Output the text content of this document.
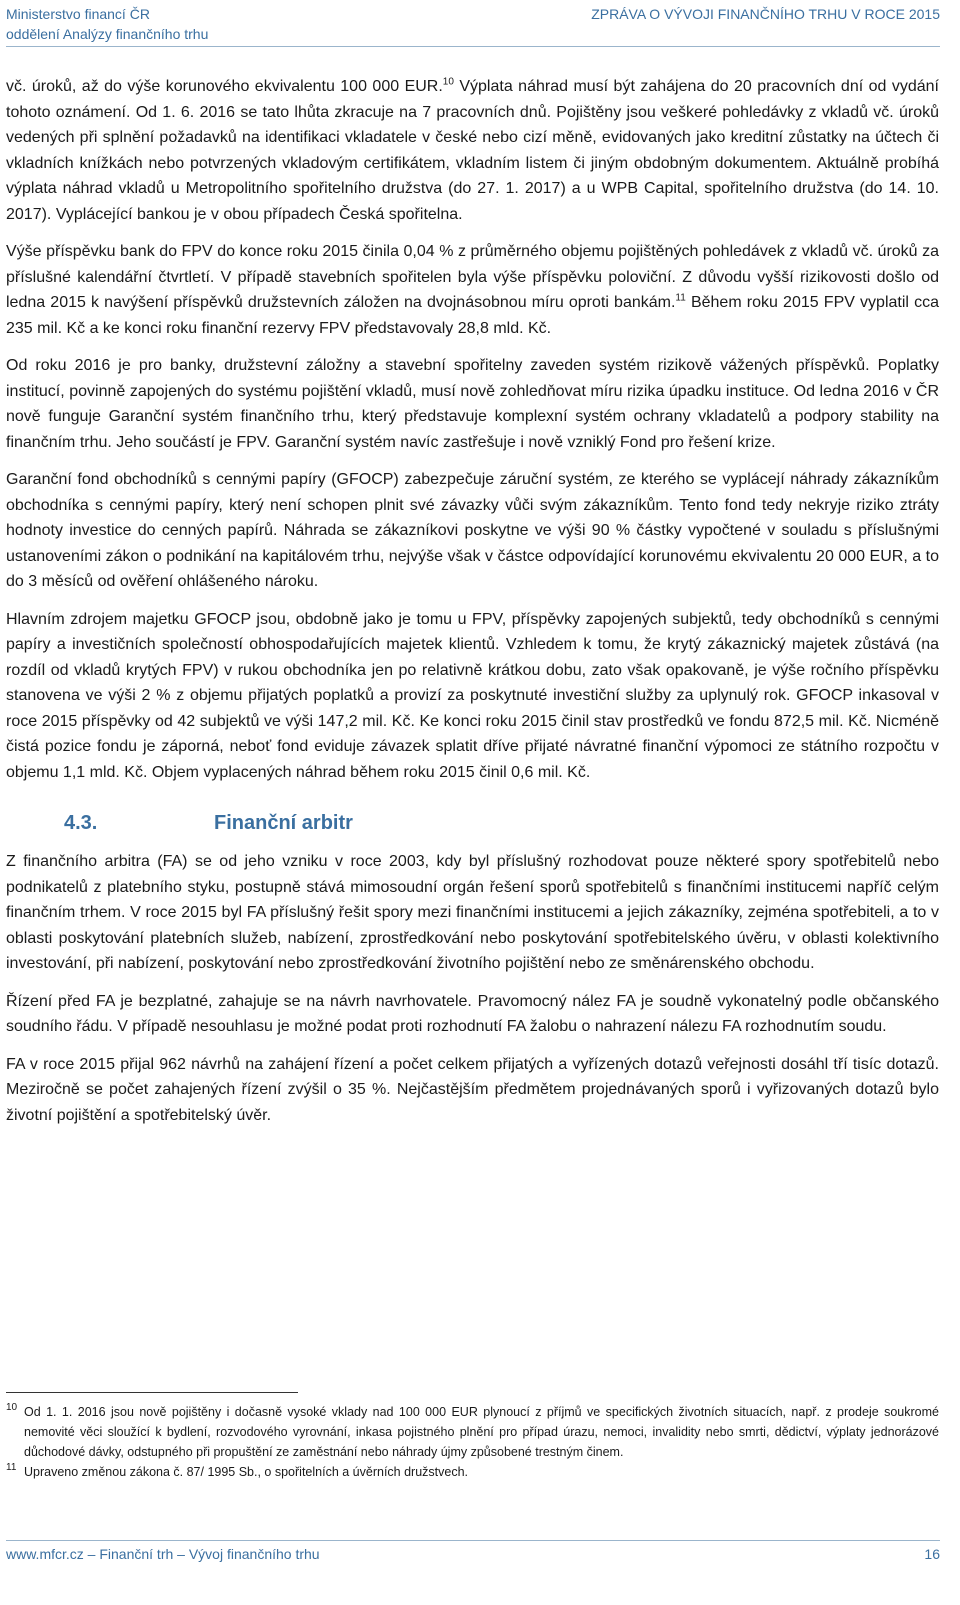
Ministerstvo financí ČR
oddělení Analýzy finančního trhu
ZPRÁVA O VÝVOJI FINANČNÍHO TRHU V ROCE 2015

vč. úroků, až do výše korunového ekvivalentu 100 000 EUR.$^{10}$ Výplata náhrad musí být zahájena do 20 pracovních dní od vydání tohoto oznámení. Od 1. 6. 2016 se tato lhůta zkracuje na 7 pracovních dnů. Pojištěny jsou veškeré pohledávky z vkladů vč. úroků vedených při splnění požadavků na identifikaci vkladatele v české nebo cizí měně, evidovaných jako kreditní zůstatky na účtech či vkladních knížkách nebo potvrzených vkladovým certifikátem, vkladním listem či jiným obdobným dokumentem. Aktuálně probíhá výplata náhrad vkladů u Metropolitního spořitelního družstva (do 27. 1. 2017) a u WPB Capital, spořitelního družstva (do 14. 10. 2017). Vyplácející bankou je v obou případech Česká spořitelna.

Výše příspěvku bank do FPV do konce roku 2015 činila 0,04 % z průměrného objemu pojištěných pohledávek z vkladů vč. úroků za příslušné kalendářní čtvrtletí. V případě stavebních spořitelen byla výše příspěvku poloviční. Z důvodu vyšší rizikovosti došlo od ledna 2015 k navýšení příspěvků družstevních záložen na dvojnásobnou míru oproti bankám.$^{11}$ Během roku 2015 FPV vyplatil cca 235 mil. Kč a ke konci roku finanční rezervy FPV představovaly 28,8 mld. Kč.

Od roku 2016 je pro banky, družstevní záložny a stavební spořitelny zaveden systém rizikově vážených příspěvků. Poplatky institucí, povinně zapojených do systému pojištění vkladů, musí nově zohledňovat míru rizika úpadku instituce. Od ledna 2016 v ČR nově funguje Garanční systém finančního trhu, který představuje komplexní systém ochrany vkladatelů a podpory stability na finančním trhu. Jeho součástí je FPV. Garanční systém navíc zastřešuje i nově vzniklý Fond pro řešení krize.

Garanční fond obchodníků s cennými papíry (GFOCP) zabezpečuje záruční systém, ze kterého se vyplácejí náhrady zákazníkům obchodníka s cennými papíry, který není schopen plnit své závazky vůči svým zákazníkům. Tento fond tedy nekryje riziko ztráty hodnoty investice do cenných papírů. Náhrada se zákazníkovi poskytne ve výši 90 % částky vypočtené v souladu s příslušnými ustanoveními zákon o podnikání na kapitálovém trhu, nejvýše však v částce odpovídající korunovému ekvivalentu 20 000 EUR, a to do 3 měsíců od ověření ohlášeného nároku.

Hlavním zdrojem majetku GFOCP jsou, obdobně jako je tomu u FPV, příspěvky zapojených subjektů, tedy obchodníků s cennými papíry a investičních společností obhospodařujících majetek klientů. Vzhledem k tomu, že krytý zákaznický majetek zůstává (na rozdíl od vkladů krytých FPV) v rukou obchodníka jen po relativně krátkou dobu, zato však opakovaně, je výše ročního příspěvku stanovena ve výši 2 % z objemu přijatých poplatků a provizí za poskytnuté investiční služby za uplynulý rok. GFOCP inkasoval v roce 2015 příspěvky od 42 subjektů ve výši 147,2 mil. Kč. Ke konci roku 2015 činil stav prostředků ve fondu 872,5 mil. Kč. Nicméně čistá pozice fondu je záporná, neboť fond eviduje závazek splatit dříve přijaté návratné finanční výpomoci ze státního rozpočtu v objemu 1,1 mld. Kč. Objem vyplacených náhrad během roku 2015 činil 0,6 mil. Kč.

4.3.	Finanční arbitr

Z finančního arbitra (FA) se od jeho vzniku v roce 2003, kdy byl příslušný rozhodovat pouze některé spory spotřebitelů nebo podnikatelů z platebního styku, postupně stává mimosoudní orgán řešení sporů spotřebitelů s finančními institucemi napříč celým finančním trhem. V roce 2015 byl FA příslušný řešit spory mezi finančními institucemi a jejich zákazníky, zejména spotřebiteli, a to v oblasti poskytování platebních služeb, nabízení, zprostředkování nebo poskytování spotřebitelského úvěru, v oblasti kolektivního investování, při nabízení, poskytování nebo zprostředkování životního pojištění nebo ze směnárenského obchodu.

Řízení před FA je bezplatné, zahajuje se na návrh navrhovatele. Pravomocný nález FA je soudně vykonatelný podle občanského soudního řádu. V případě nesouhlasu je možné podat proti rozhodnutí FA žalobu o nahrazení nálezu FA rozhodnutím soudu.

FA v roce 2015 přijal 962 návrhů na zahájení řízení a počet celkem přijatých a vyřízených dotazů veřejnosti dosáhl tří tisíc dotazů. Meziročně se počet zahajených řízení zvýšil o 35 %. Nejčastějším předmětem projednávaných sporů i vyřizovaných dotazů bylo životní pojištění a spotřebitelský úvěr.

10 Od 1. 1. 2016 jsou nově pojištěny i dočasně vysoké vklady nad 100 000 EUR plynoucí z příjmů ve specifických životních situacích, např. z prodeje soukromé nemovité věci sloužící k bydlení, rozvodového vyrovnání, inkasa pojistného plnění pro případ úrazu, nemoci, invalidity nebo smrti, dědictví, výplaty jednorázové důchodové dávky, odstupného při propuštění ze zaměstnání nebo náhrady újmy způsobené trestným činem.
11 Upraveno změnou zákona č. 87/ 1995 Sb., o spořitelních a úvěrních družstvech.
www.mfcr.cz – Finanční trh – Vývoj finančního trhu	16
